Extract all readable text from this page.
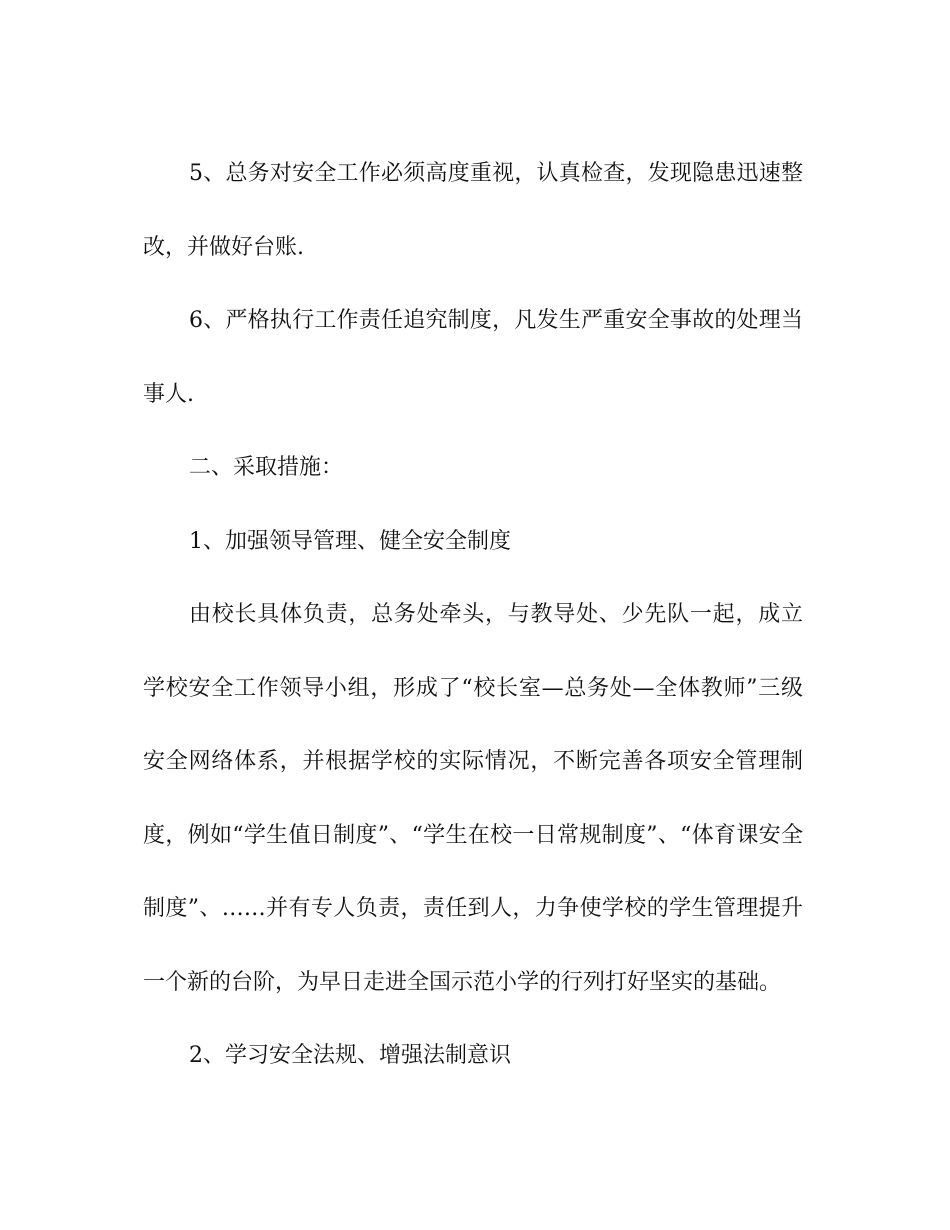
5、总务对安全工作必须高度重视，认真检查，发现隐患迅速整改，并做好台账.

6、严格执行工作责任追究制度，凡发生严重安全事故的处理当事人.

二、采取措施：

1、加强领导管理、健全安全制度

由校长具体负责，总务处牵头，与教导处、少先队一起，成立学校安全工作领导小组，形成了“校长室—总务处—全体教师”三级安全网络体系，并根据学校的实际情况，不断完善各项安全管理制度，例如“学生值日制度”、“学生在校一日常规制度”、“体育课安全制度”、……并有专人负责，责任到人，力争使学校的学生管理提升一个新的台阶，为早日走进全国示范小学的行列打好坚实的基础。

2、学习安全法规、增强法制意识
